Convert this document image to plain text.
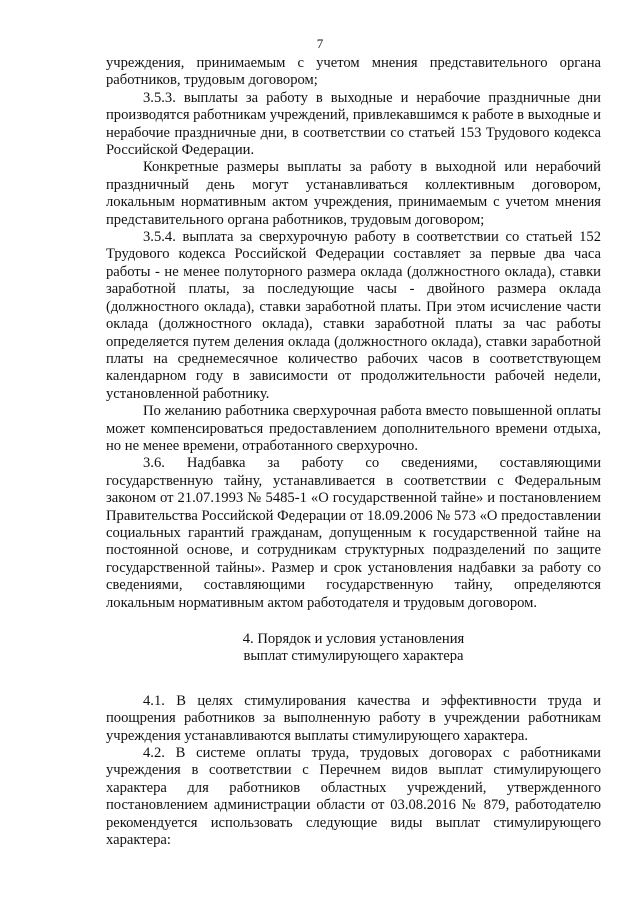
7

учреждения, принимаемым с учетом мнения представительного органа работников, трудовым договором;

3.5.3. выплаты за работу в выходные и нерабочие праздничные дни производятся работникам учреждений, привлекавшимся к работе в выходные и нерабочие праздничные дни, в соответствии со статьей 153 Трудового кодекса Российской Федерации.

Конкретные размеры выплаты за работу в выходной или нерабочий праздничный день могут устанавливаться коллективным договором, локальным нормативным актом учреждения, принимаемым с учетом мнения представительного органа работников, трудовым договором;

3.5.4. выплата за сверхурочную работу в соответствии со статьей 152 Трудового кодекса Российской Федерации составляет за первые два часа работы - не менее полуторного размера оклада (должностного оклада), ставки заработной платы, за последующие часы - двойного размера оклада (должностного оклада), ставки заработной платы. При этом исчисление части оклада (должностного оклада), ставки заработной платы за час работы определяется путем деления оклада (должностного оклада), ставки заработной платы на среднемесячное количество рабочих часов в соответствующем календарном году в зависимости от продолжительности рабочей недели, установленной работнику.

По желанию работника сверхурочная работа вместо повышенной оплаты может компенсироваться предоставлением дополнительного времени отдыха, но не менее времени, отработанного сверхурочно.

3.6. Надбавка за работу со сведениями, составляющими государственную тайну, устанавливается в соответствии с Федеральным законом от 21.07.1993 № 5485-1 «О государственной тайне» и постановлением Правительства Российской Федерации от 18.09.2006 № 573 «О предоставлении социальных гарантий гражданам, допущенным к государственной тайне на постоянной основе, и сотрудникам структурных подразделений по защите государственной тайны». Размер и срок установления надбавки за работу со сведениями, составляющими государственную тайну, определяются локальным нормативным актом работодателя и трудовым договором.

4. Порядок и условия установления
выплат стимулирующего характера

4.1. В целях стимулирования качества и эффективности труда и поощрения работников за выполненную работу в учреждении работникам учреждения устанавливаются выплаты стимулирующего характера.

4.2. В системе оплаты труда, трудовых договорах с работниками учреждения в соответствии с Перечнем видов выплат стимулирующего характера для работников областных учреждений, утвержденного постановлением администрации области от 03.08.2016 № 879, работодателю рекомендуется использовать следующие виды выплат стимулирующего характера:
